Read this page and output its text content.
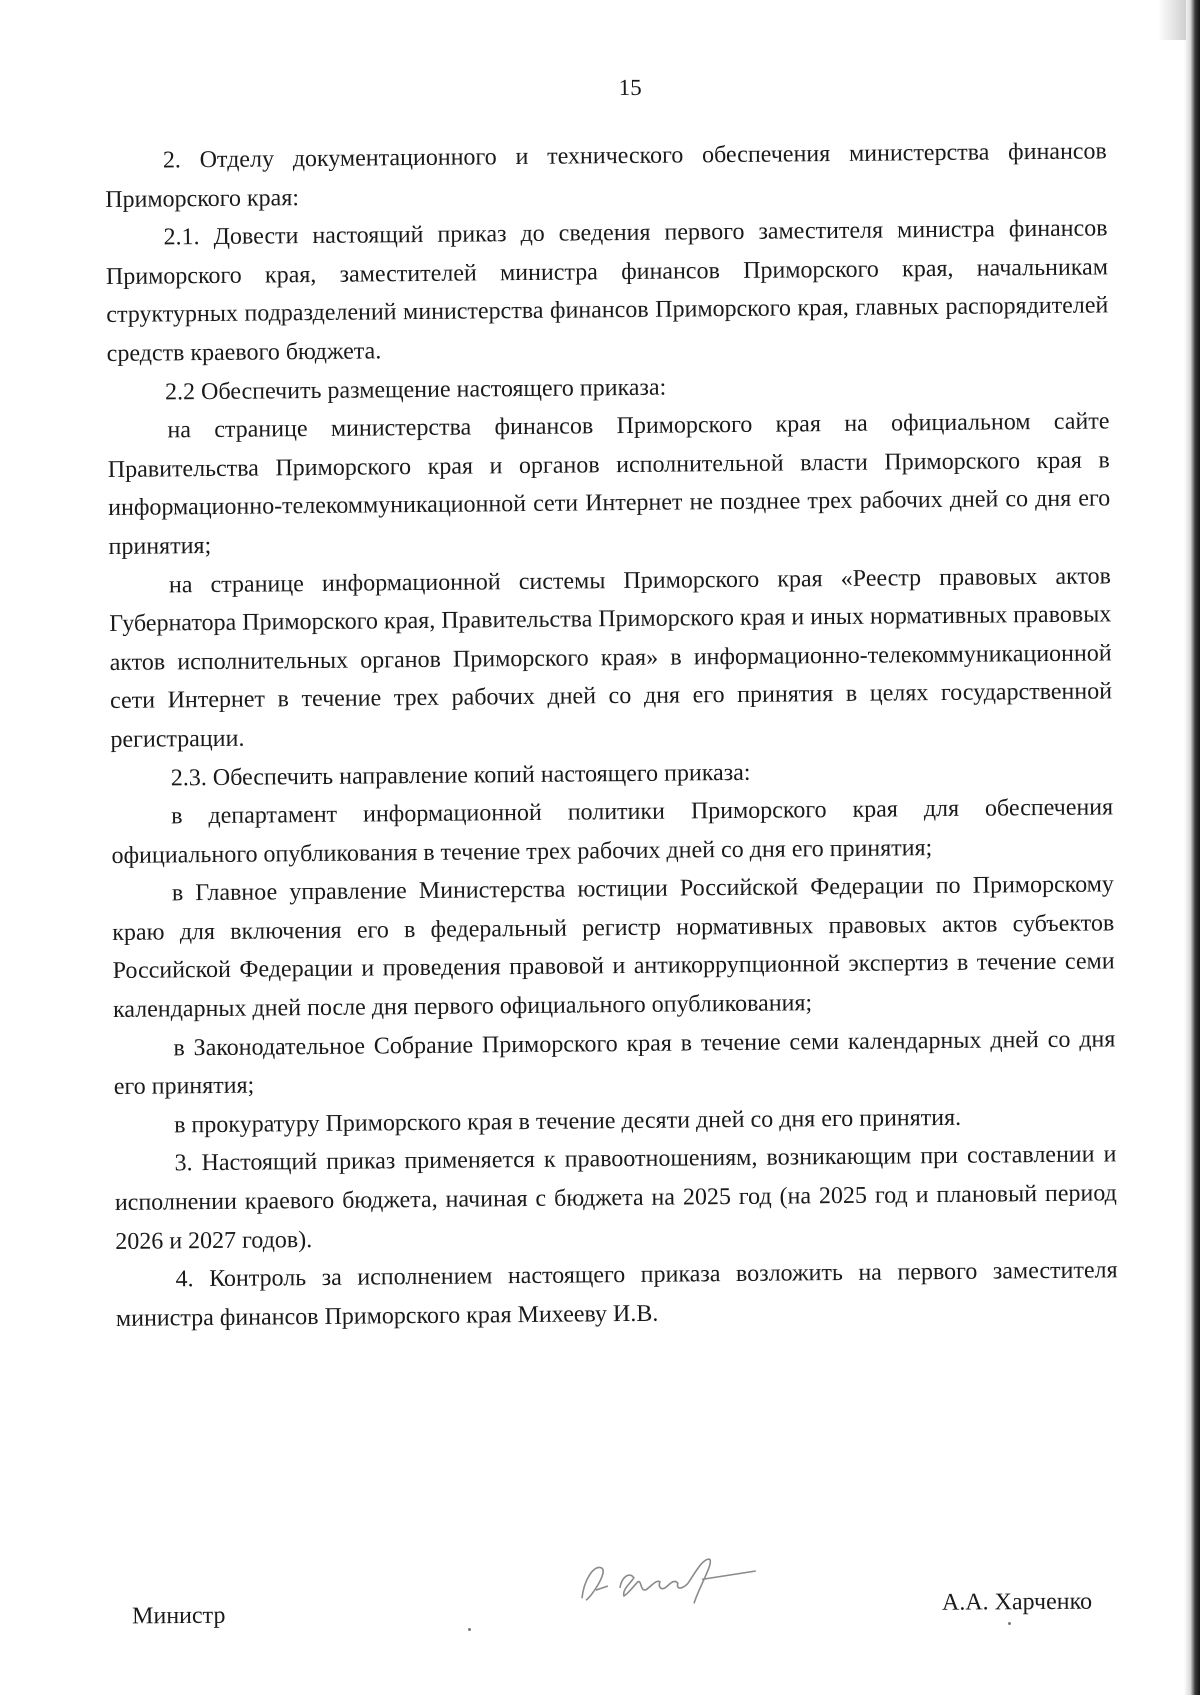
15

2. Отделу документационного и технического обеспечения министерства финансов Приморского края:

2.1. Довести настоящий приказ до сведения первого заместителя министра финансов Приморского края, заместителей министра финансов Приморского края, начальникам структурных подразделений министерства финансов Приморского края, главных распорядителей средств краевого бюджета.

2.2 Обеспечить размещение настоящего приказа:

на странице министерства финансов Приморского края на официальном сайте Правительства Приморского края и органов исполнительной власти Приморского края в информационно-телекоммуникационной сети Интернет не позднее трех рабочих дней со дня его принятия;

на странице информационной системы Приморского края «Реестр правовых актов Губернатора Приморского края, Правительства Приморского края и иных нормативных правовых актов исполнительных органов Приморского края» в информационно-телекоммуникационной сети Интернет в течение трех рабочих дней со дня его принятия в целях государственной регистрации.

2.3. Обеспечить направление копий настоящего приказа:

в департамент информационной политики Приморского края для обеспечения официального опубликования в течение трех рабочих дней со дня его принятия;

в Главное управление Министерства юстиции Российской Федерации по Приморскому краю для включения его в федеральный регистр нормативных правовых актов субъектов Российской Федерации и проведения правовой и антикоррупционной экспертиз в течение семи календарных дней после дня первого официального опубликования;

в Законодательное Собрание Приморского края в течение семи календарных дней со дня его принятия;

в прокуратуру Приморского края в течение десяти дней со дня его принятия.

3. Настоящий приказ применяется к правоотношениям, возникающим при составлении и исполнении краевого бюджета, начиная с бюджета на 2025 год (на 2025 год и плановый период 2026 и 2027 годов).

4. Контроль за исполнением настоящего приказа возложить на первого заместителя министра финансов Приморского края Михееву И.В.

Министр
А.А. Харченко
